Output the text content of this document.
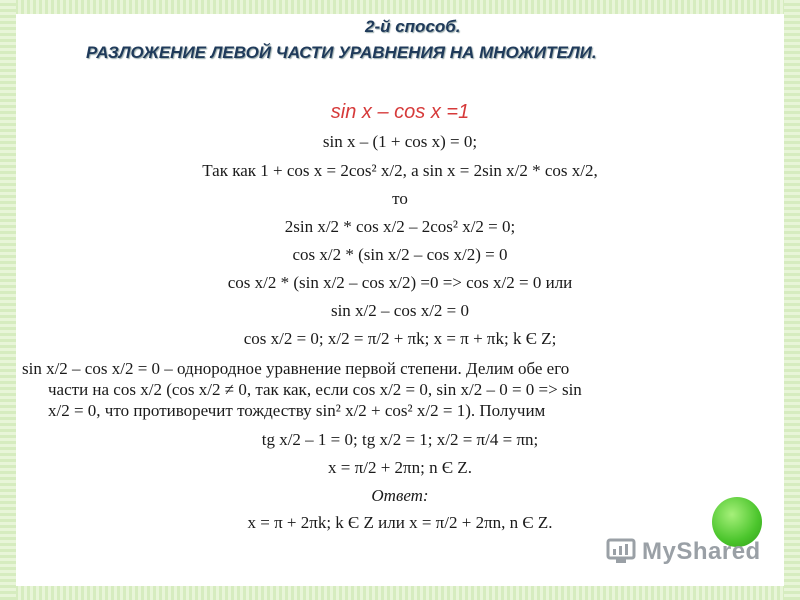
2-й способ.
РАЗЛОЖЕНИЕ ЛЕВОЙ ЧАСТИ УРАВНЕНИЯ НА МНОЖИТЕЛИ.
sin x – cos x =1
sin x – (1 + cos x) = 0;
Так как 1 + cos x = 2cos² x/2, а sin x = 2sin x/2 * cos x/2,
то
2sin x/2 * cos x/2 – 2cos² x/2 = 0;
cos x/2 * (sin x/2 – cos x/2) = 0
cos x/2 * (sin x/2 – cos x/2) =0 => cos x/2 = 0 или
sin x/2 – cos x/2 = 0
cos x/2 = 0; x/2 = π/2 + πk; x = π + πk; k Є Z;
sin x/2 – cos x/2 = 0 – однородное уравнение первой степени. Делим обе его
части на cos x/2 (cos x/2 ≠ 0, так как, если cos x/2 = 0, sin x/2 – 0 = 0 => sin
x/2 = 0, что противоречит тождеству sin² x/2 + cos² x/2 = 1). Получим
tg x/2 – 1 = 0; tg x/2 = 1; x/2 = π/4 = πn;
x = π/2 + 2πn; n Є Z.
Ответ:
x = π + 2πk; k Є Z или x = π/2 + 2πn, n Є Z.
MyShared
